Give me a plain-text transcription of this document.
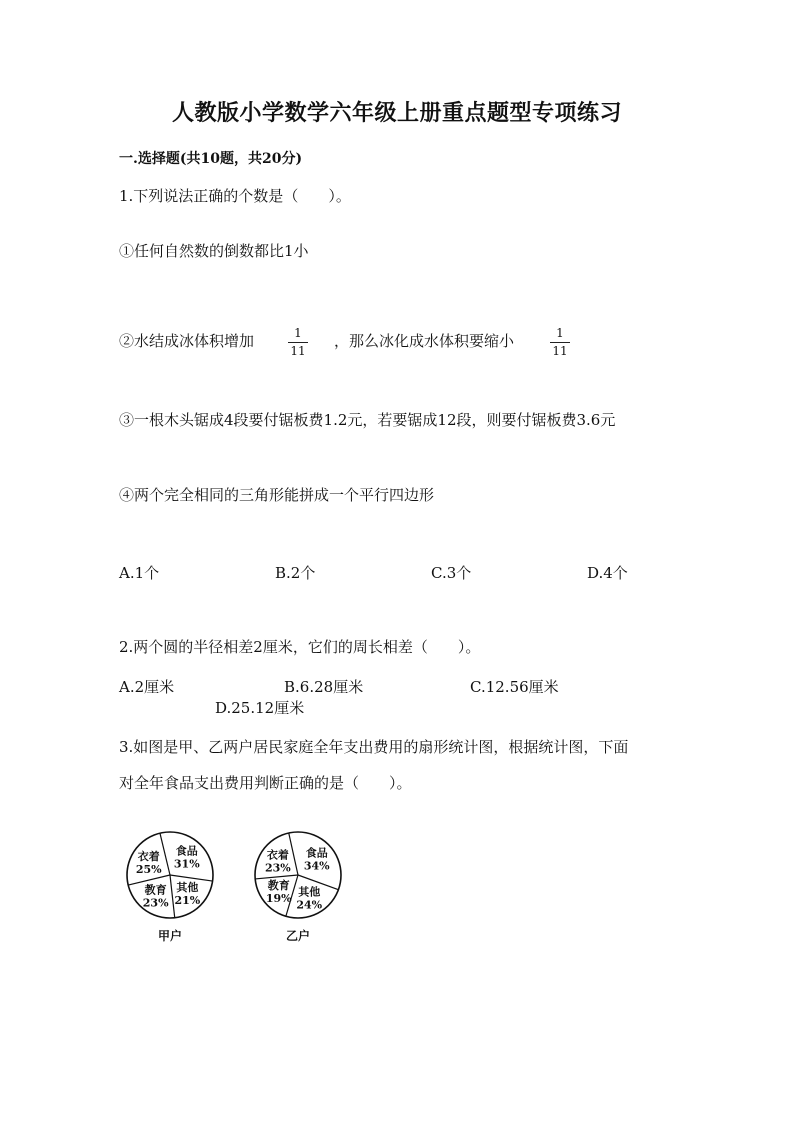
人教版小学数学六年级上册重点题型专项练习
一.选择题(共10题，共20分)
1.下列说法正确的个数是（　　）。
①任何自然数的倒数都比1小
②水结成冰体积增加	$\frac{1}{11}$ ，那么冰化成水体积要缩小	$\frac{1}{11}$
③一根木头锯成4段要付锯板费1.2元，若要锯成12段，则要付锯板费3.6元
④两个完全相同的三角形能拼成一个平行四边形
A.1个	B.2个	C.3个	D.4个
2.两个圆的半径相差2厘米，它们的周长相差（　　）。
A.2厘米	B.6.28厘米	C.12.56厘米
D.25.12厘米
3.如图是甲、乙两户居民家庭全年支出费用的扇形统计图，根据统计图，下面
对全年食品支出费用判断正确的是（　　）。
食品
31%
其他
21%
教育
23%
衣着
25%
甲户
食品
34%
其他
24%
教育
19%
衣着
23%
乙户
